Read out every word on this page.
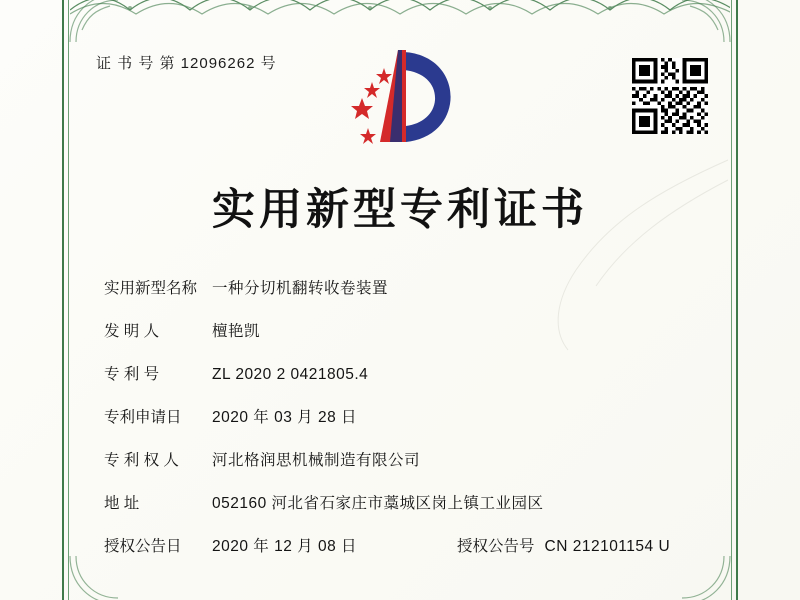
证 书 号 第 12096262 号
实用新型专利证书
实用新型名称 一种分切机翻转收卷装置
发 明 人	檀艳凯
专 利 号	ZL 2020 2 0421805.4
专利申请日	2020 年 03 月 28 日
专 利 权 人	河北格润思机械制造有限公司
地 址	052160 河北省石家庄市藁城区岗上镇工业园区
授权公告日	2020 年 12 月 08 日	授权公告号 CN 212101154 U
